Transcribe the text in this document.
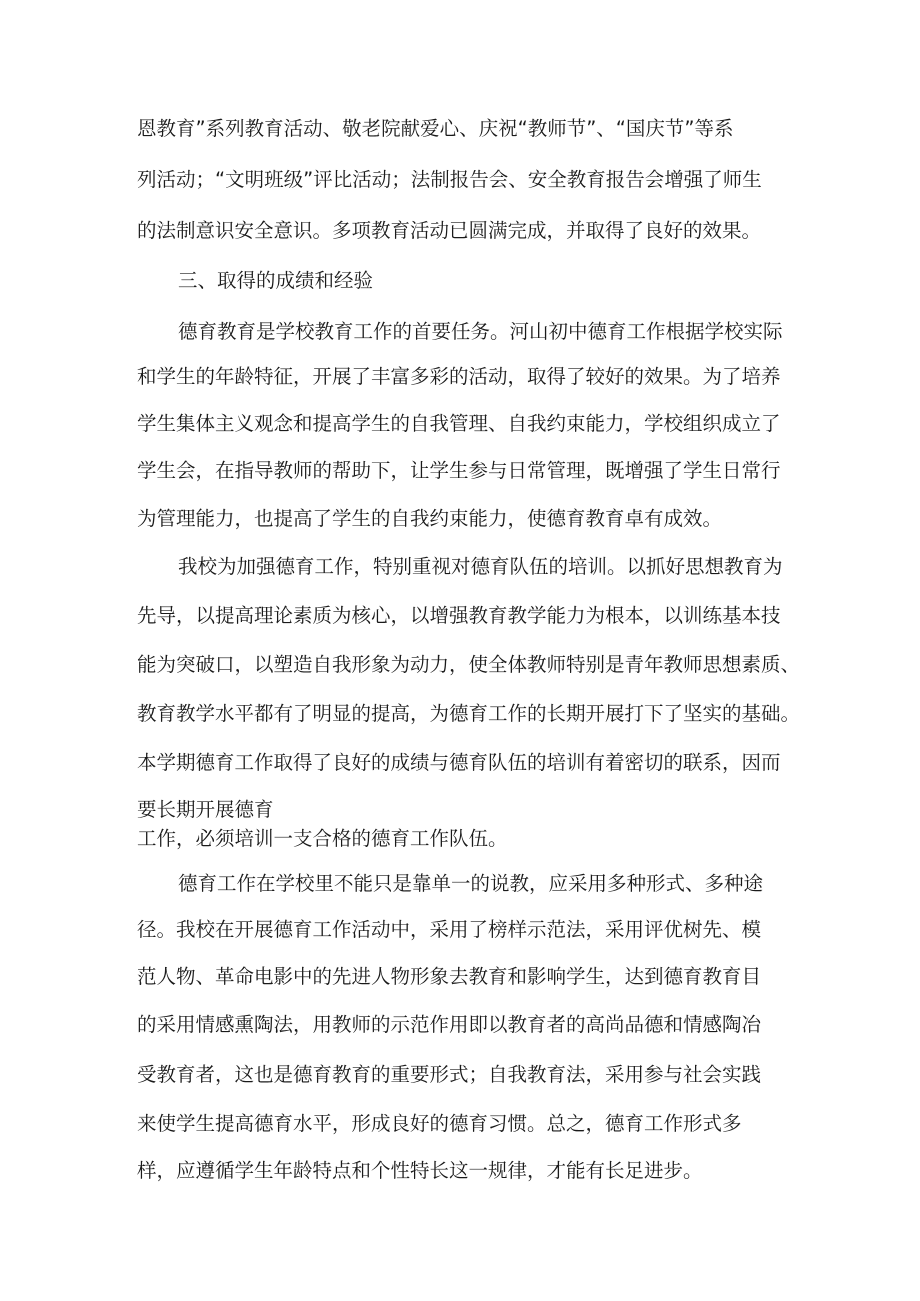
恩教育”系列教育活动、敬老院献爱心、庆祝“教师节”、“国庆节”等系
列活动；“文明班级”评比活动；法制报告会、安全教育报告会增强了师生
的法制意识安全意识。多项教育活动已圆满完成，并取得了良好的效果。
三、取得的成绩和经验
德育教育是学校教育工作的首要任务。河山初中德育工作根据学校实际
和学生的年龄特征，开展了丰富多彩的活动，取得了较好的效果。为了培养
学生集体主义观念和提高学生的自我管理、自我约束能力，学校组织成立了
学生会，在指导教师的帮助下，让学生参与日常管理，既增强了学生日常行
为管理能力，也提高了学生的自我约束能力，使德育教育卓有成效。
我校为加强德育工作，特别重视对德育队伍的培训。以抓好思想教育为
先导，以提高理论素质为核心，以增强教育教学能力为根本，以训练基本技
能为突破口，以塑造自我形象为动力，使全体教师特别是青年教师思想素质、
教育教学水平都有了明显的提高，为德育工作的长期开展打下了坚实的基础。
本学期德育工作取得了良好的成绩与德育队伍的培训有着密切的联系，因而
要长期开展德育
工作，必须培训一支合格的德育工作队伍。
德育工作在学校里不能只是靠单一的说教，应采用多种形式、多种途
径。我校在开展德育工作活动中，采用了榜样示范法，采用评优树先、模
范人物、革命电影中的先进人物形象去教育和影响学生，达到德育教育目
的采用情感熏陶法，用教师的示范作用即以教育者的高尚品德和情感陶冶
受教育者，这也是德育教育的重要形式；自我教育法，采用参与社会实践
来使学生提高德育水平，形成良好的德育习惯。总之，德育工作形式多
样，应遵循学生年龄特点和个性特长这一规律，才能有长足进步。
